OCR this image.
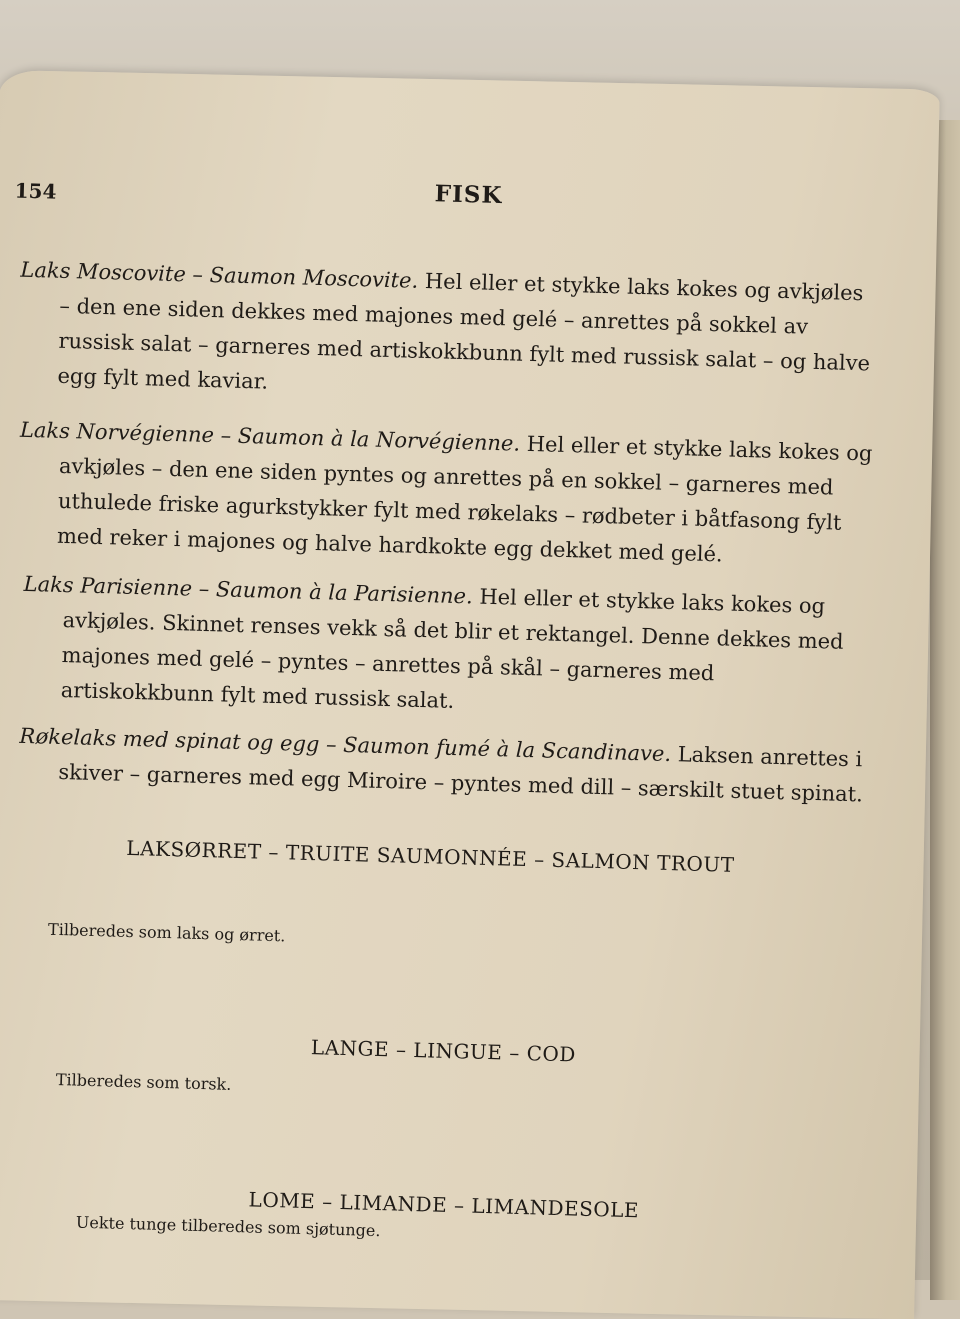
154	FISK
Laks Moscovite – Saumon Moscovite. Hel eller et stykke laks kokes og avkjøles – den ene siden dekkes med majones med gelé – anrettes på sokkel av russisk salat – garneres med artiskokkbunn fylt med russisk salat – og halve egg fylt med kaviar.
Laks Norvégienne – Saumon à la Norvégienne. Hel eller et stykke laks kokes og avkjøles – den ene siden pyntes og anrettes på en sokkel – garneres med uthulede friske agurkstykker fylt med røkelaks – rødbeter i båtfasong fylt med reker i majones og halve hardkokte egg dekket med gelé.
Laks Parisienne – Saumon à la Parisienne. Hel eller et stykke laks kokes og avkjøles. Skinnet renses vekk så det blir et rektangel. Denne dekkes med majones med gelé – pyntes – anrettes på skål – garneres med artiskokkbunn fylt med russisk salat.
Røkelaks med spinat og egg – Saumon fumé à la Scandinave. Laksen anrettes i skiver – garneres med egg Miroire – pyntes med dill – særskilt stuet spinat.
LAKSØRRET – TRUITE SAUMONNÉE – SALMON TROUT
Tilberedes som laks og ørret.
LANGE – LINGUE – COD
Tilberedes som torsk.
LOME – LIMANDE – LIMANDESOLE
Uekte tunge tilberedes som sjøtunge.
